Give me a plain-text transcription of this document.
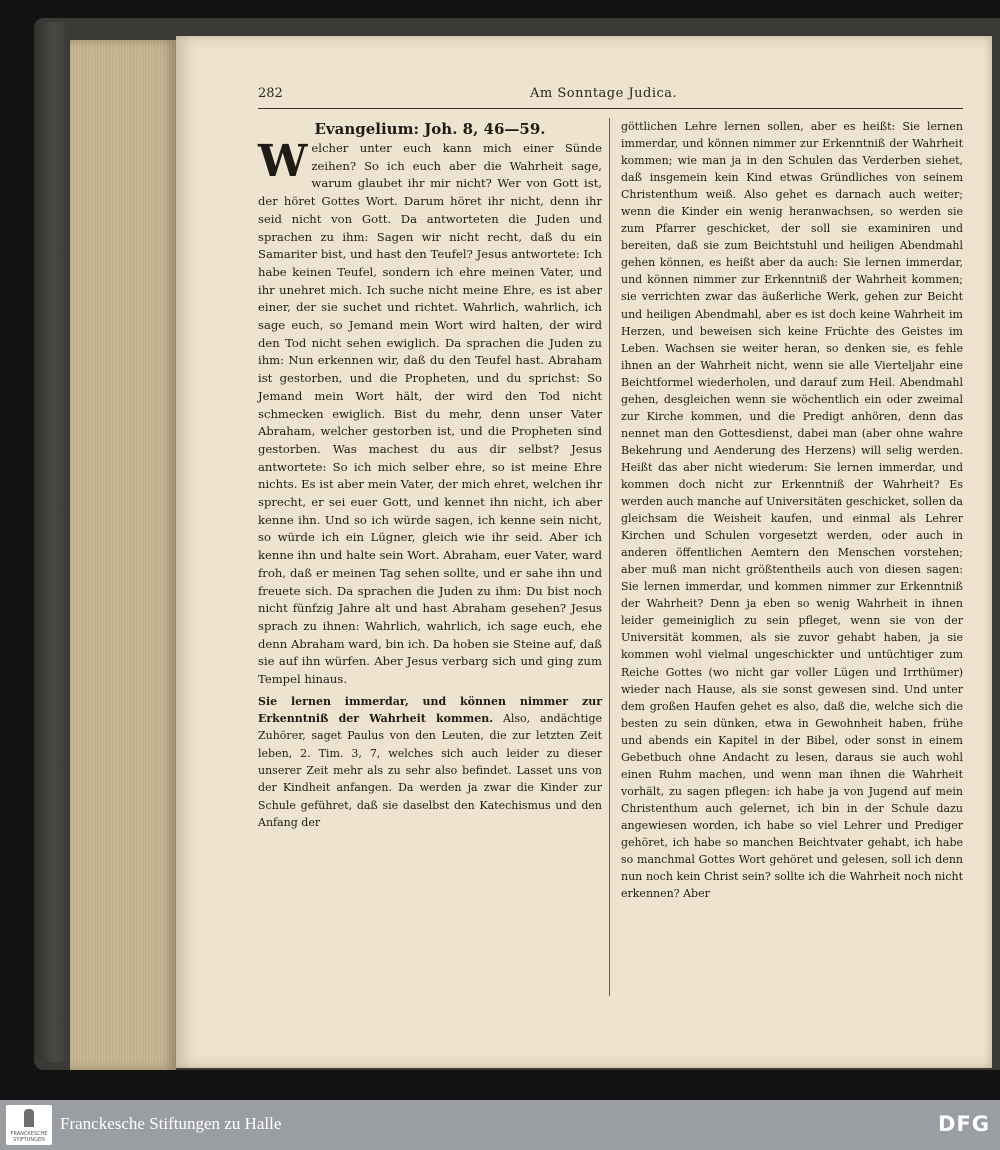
282	Am Sonntage Judica.

Evangelium: Joh. 8, 46—59.

Welcher unter euch kann mich einer Sünde zeihen? So ich euch aber die Wahrheit sage, warum glaubet ihr mir nicht? Wer von Gott ist, der höret Gottes Wort. Darum höret ihr nicht, denn ihr seid nicht von Gott. Da antworteten die Juden und sprachen zu ihm: Sagen wir nicht recht, daß du ein Samariter bist, und hast den Teufel? Jesus antwortete: Ich habe keinen Teufel, sondern ich ehre meinen Vater, und ihr unehret mich. Ich suche nicht meine Ehre, es ist aber einer, der sie suchet und richtet. Wahrlich, wahrlich, ich sage euch, so Jemand mein Wort wird halten, der wird den Tod nicht sehen ewiglich. Da sprachen die Juden zu ihm: Nun erkennen wir, daß du den Teufel hast. Abraham ist gestorben, und die Propheten, und du sprichst: So Jemand mein Wort hält, der wird den Tod nicht schmecken ewiglich. Bist du mehr, denn unser Vater Abraham, welcher gestorben ist, und die Propheten sind gestorben. Was machest du aus dir selbst? Jesus antwortete: So ich mich selber ehre, so ist meine Ehre nichts. Es ist aber mein Vater, der mich ehret, welchen ihr sprecht, er sei euer Gott, und kennet ihn nicht, ich aber kenne ihn. Und so ich würde sagen, ich kenne sein nicht, so würde ich ein Lügner, gleich wie ihr seid. Aber ich kenne ihn und halte sein Wort. Abraham, euer Vater, ward froh, daß er meinen Tag sehen sollte, und er sahe ihn und freuete sich. Da sprachen die Juden zu ihm: Du bist noch nicht fünfzig Jahre alt und hast Abraham gesehen? Jesus sprach zu ihnen: Wahrlich, wahrlich, ich sage euch, ehe denn Abraham ward, bin ich. Da hoben sie Steine auf, daß sie auf ihn würfen. Aber Jesus verbarg sich und ging zum Tempel hinaus.

Sie lernen immerdar, und können nimmer zur Erkenntniß der Wahrheit kommen. Also, andächtige Zuhörer, saget Paulus von den Leuten, die zur letzten Zeit leben, 2. Tim. 3, 7, welches sich auch leider zu dieser unserer Zeit mehr als zu sehr also befindet. Lasset uns von der Kindheit anfangen. Da werden ja zwar die Kinder zur Schule geführet, daß sie daselbst den Katechismus und den Anfang der

göttlichen Lehre lernen sollen, aber es heißt: Sie lernen immerdar, und können nimmer zur Erkenntniß der Wahrheit kommen; wie man ja in den Schulen das Verderben siehet, daß insgemein kein Kind etwas Gründliches von seinem Christenthum weiß. Also gehet es darnach auch weiter; wenn die Kinder ein wenig heranwachsen, so werden sie zum Pfarrer geschicket, der soll sie examiniren und bereiten, daß sie zum Beichtstuhl und heiligen Abendmahl gehen können, es heißt aber da auch: Sie lernen immerdar, und können nimmer zur Erkenntniß der Wahrheit kommen; sie verrichten zwar das äußerliche Werk, gehen zur Beicht und heiligen Abendmahl, aber es ist doch keine Wahrheit im Herzen, und beweisen sich keine Früchte des Geistes im Leben. Wachsen sie weiter heran, so denken sie, es fehle ihnen an der Wahrheit nicht, wenn sie alle Vierteljahr eine Beichtformel wiederholen, und darauf zum Heil. Abendmahl gehen, desgleichen wenn sie wöchentlich ein oder zweimal zur Kirche kommen, und die Predigt anhören, denn das nennet man den Gottesdienst, dabei man (aber ohne wahre Bekehrung und Aenderung des Herzens) will selig werden. Heißt das aber nicht wiederum: Sie lernen immerdar, und kommen doch nicht zur Erkenntniß der Wahrheit? Es werden auch manche auf Universitäten geschicket, sollen da gleichsam die Weisheit kaufen, und einmal als Lehrer Kirchen und Schulen vorgesetzt werden, oder auch in anderen öffentlichen Aemtern den Menschen vorstehen; aber muß man nicht größtentheils auch von diesen sagen: Sie lernen immerdar, und kommen nimmer zur Erkenntniß der Wahrheit? Denn ja eben so wenig Wahrheit in ihnen leider gemeiniglich zu sein pfleget, wenn sie von der Universität kommen, als sie zuvor gehabt haben, ja sie kommen wohl vielmal ungeschickter und untüchtiger zum Reiche Gottes (wo nicht gar voller Lügen und Irrthümer) wieder nach Hause, als sie sonst gewesen sind. Und unter dem großen Haufen gehet es also, daß die, welche sich die besten zu sein dünken, etwa in Gewohnheit haben, frühe und abends ein Kapitel in der Bibel, oder sonst in einem Gebetbuch ohne Andacht zu lesen, daraus sie auch wohl einen Ruhm machen, und wenn man ihnen die Wahrheit vorhält, zu sagen pflegen: ich habe ja von Jugend auf mein Christenthum auch gelernet, ich bin in der Schule dazu angewiesen worden, ich habe so viel Lehrer und Prediger gehöret, ich habe so manchen Beichtvater gehabt, ich habe so manchmal Gottes Wort gehöret und gelesen, soll ich denn nun noch kein Christ sein? sollte ich die Wahrheit noch nicht erkennen? Aber

FRANCKESCHE STIFTUNGEN
Franckesche Stiftungen zu Halle	DFG
